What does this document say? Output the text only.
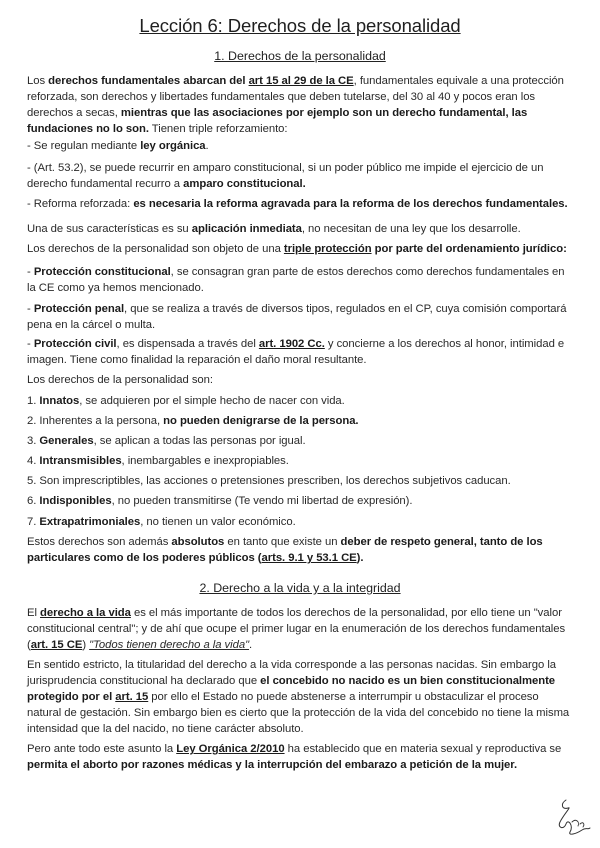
Lección 6: Derechos de la personalidad
1. Derechos de la personalidad
Los derechos fundamentales abarcan del art 15 al 29 de la CE, fundamentales equivale a una protección reforzada, son derechos y libertades fundamentales que deben tutelarse, del 30 al 40 y pocos eran los derechos a secas, mientras que las asociaciones por ejemplo son un derecho fundamental, las fundaciones no lo son. Tienen triple reforzamiento:
- Se regulan mediante ley orgánica.
- (Art. 53.2), se puede recurrir en amparo constitucional, si un poder público me impide el ejercicio de un derecho fundamental recurro a amparo constitucional.
- Reforma reforzada: es necesaria la reforma agravada para la reforma de los derechos fundamentales.
Una de sus características es su aplicación inmediata, no necesitan de una ley que los desarrolle.
Los derechos de la personalidad son objeto de una triple protección por parte del ordenamiento jurídico:
- Protección constitucional, se consagran gran parte de estos derechos como derechos fundamentales en la CE como ya hemos mencionado.
- Protección penal, que se realiza a través de diversos tipos, regulados en el CP, cuya comisión comportará pena en la cárcel o multa.
- Protección civil, es dispensada a través del art. 1902 Cc. y concierne a los derechos al honor, intimidad e imagen. Tiene como finalidad la reparación el daño moral resultante.
Los derechos de la personalidad son:
1. Innatos, se adquieren por el simple hecho de nacer con vida.
2. Inherentes a la persona, no pueden denigrarse de la persona.
3. Generales, se aplican a todas las personas por igual.
4. Intransmisibles, inembargables e inexpropiables.
5. Son imprescriptibles, las acciones o pretensiones prescriben, los derechos subjetivos caducan.
6. Indisponibles, no pueden transmitirse (Te vendo mi libertad de expresión).
7. Extrapatrimoniales, no tienen un valor económico.
Estos derechos son además absolutos en tanto que existe un deber de respeto general, tanto de los particulares como de los poderes públicos (arts. 9.1 y 53.1 CE).
2. Derecho a la vida y a la integridad
El derecho a la vida es el más importante de todos los derechos de la personalidad, por ello tiene un "valor constitucional central"; y de ahí que ocupe el primer lugar en la enumeración de los derechos fundamentales (art. 15 CE) "Todos tienen derecho a la vida".
En sentido estricto, la titularidad del derecho a la vida corresponde a las personas nacidas. Sin embargo la jurisprudencia constitucional ha declarado que el concebido no nacido es un bien constitucionalmente protegido por el art. 15 por ello el Estado no puede abstenerse a interrumpir u obstaculizar el proceso natural de gestación. Sin embargo bien es cierto que la protección de la vida del concebido no tiene la misma intensidad que la del nacido, no tiene carácter absoluto.
Pero ante todo este asunto la Ley Orgánica 2/2010 ha establecido que en materia sexual y reproductiva se permita el aborto por razones médicas y la interrupción del embarazo a petición de la mujer.
